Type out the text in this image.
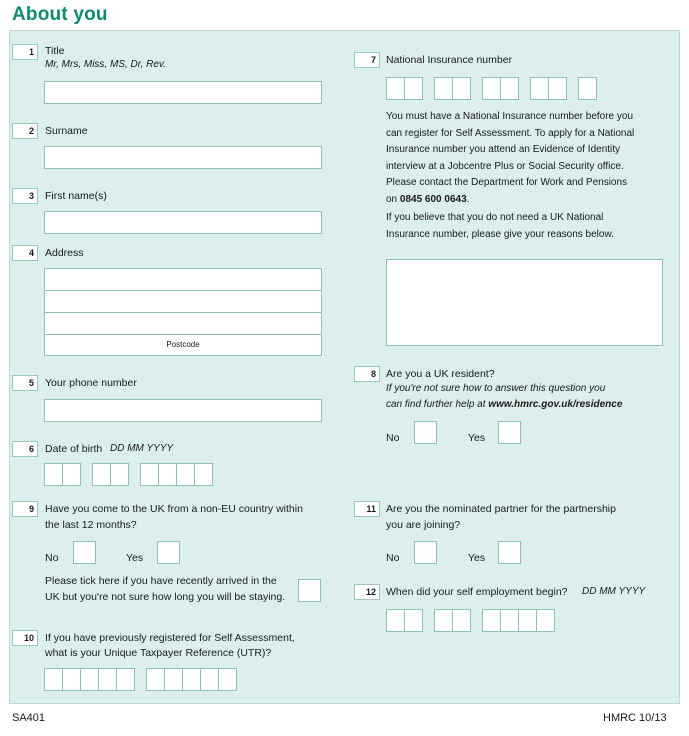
About you
1	Title
Mr, Mrs, Miss, MS, Dr, Rev.
2	Surname
3	First name(s)
4	Address
Postcode
5	Your phone number
6	Date of birth DD MM YYYY
7 National Insurance number
You must have a National Insurance number before you
can register for Self Assessment. To apply for a National
Insurance number you attend an Evidence of Identity
interview at a Jobcentre Plus or Social Security office.
Please contact the Department for Work and Pensions
on 0845 600 0643.
If you believe that you do not need a UK National
Insurance number, please give your reasons below.
8 Are you a UK resident?
If you're not sure how to answer this question you
can find further help at www.hmrc.gov.uk/residence
No	Yes
9	Have you come to the UK from a non-EU country within
the last 12 months?
No	Yes
Please tick here if you have recently arrived in the
UK but you're not sure how long you will be staying.
10	If you have previously registered for Self Assessment,
what is your Unique Taxpayer Reference (UTR)?
11 Are you the nominated partner for the partnership
you are joining?
No	Yes
12 When did your self employment begin? DD MM YYYY
SA401	HMRC 10/13
